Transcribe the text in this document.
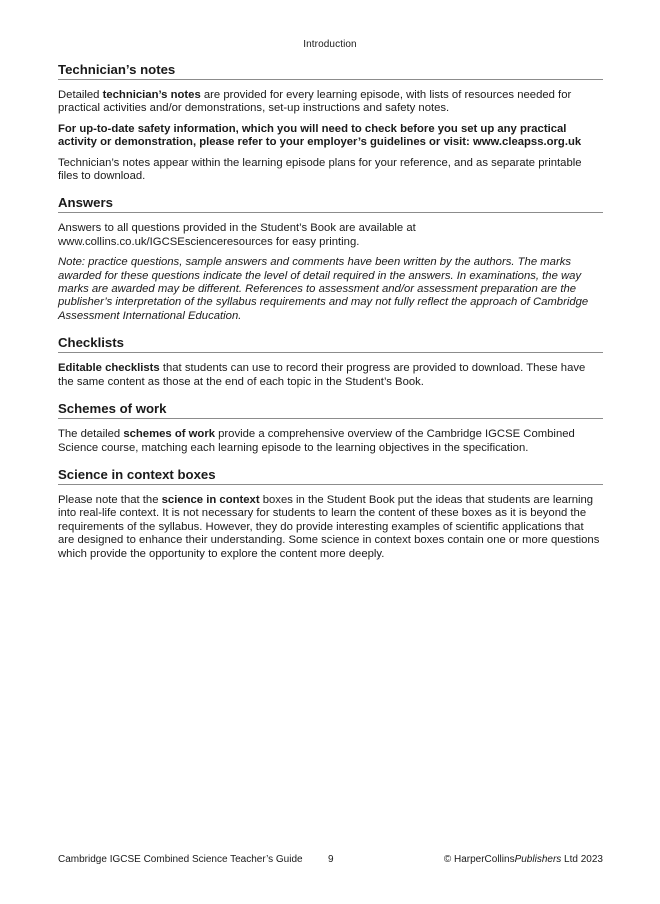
Introduction
Technician’s notes

Detailed technician’s notes are provided for every learning episode, with lists of resources needed for practical activities and/or demonstrations, set-up instructions and safety notes.

For up-to-date safety information, which you will need to check before you set up any practical activity or demonstration, please refer to your employer’s guidelines or visit: www.cleapss.org.uk

Technician’s notes appear within the learning episode plans for your reference, and as separate printable files to download.

Answers

Answers to all questions provided in the Student’s Book are available at www.collins.co.uk/IGCSEscienceresources for easy printing.

Note: practice questions, sample answers and comments have been written by the authors. The marks awarded for these questions indicate the level of detail required in the answers. In examinations, the way marks are awarded may be different. References to assessment and/or assessment preparation are the publisher’s interpretation of the syllabus requirements and may not fully reflect the approach of Cambridge Assessment International Education.

Checklists

Editable checklists that students can use to record their progress are provided to download. These have the same content as those at the end of each topic in the Student’s Book.

Schemes of work

The detailed schemes of work provide a comprehensive overview of the Cambridge IGCSE Combined Science course, matching each learning episode to the learning objectives in the specification.

Science in context boxes

Please note that the science in context boxes in the Student Book put the ideas that students are learning into real-life context. It is not necessary for students to learn the content of these boxes as it is beyond the requirements of the syllabus. However, they do provide interesting examples of scientific applications that are designed to enhance their understanding. Some science in context boxes contain one or more questions which provide the opportunity to explore the content more deeply.

Cambridge IGCSE Combined Science Teacher’s Guide	9	© HarperCollinsPublishers Ltd 2023
